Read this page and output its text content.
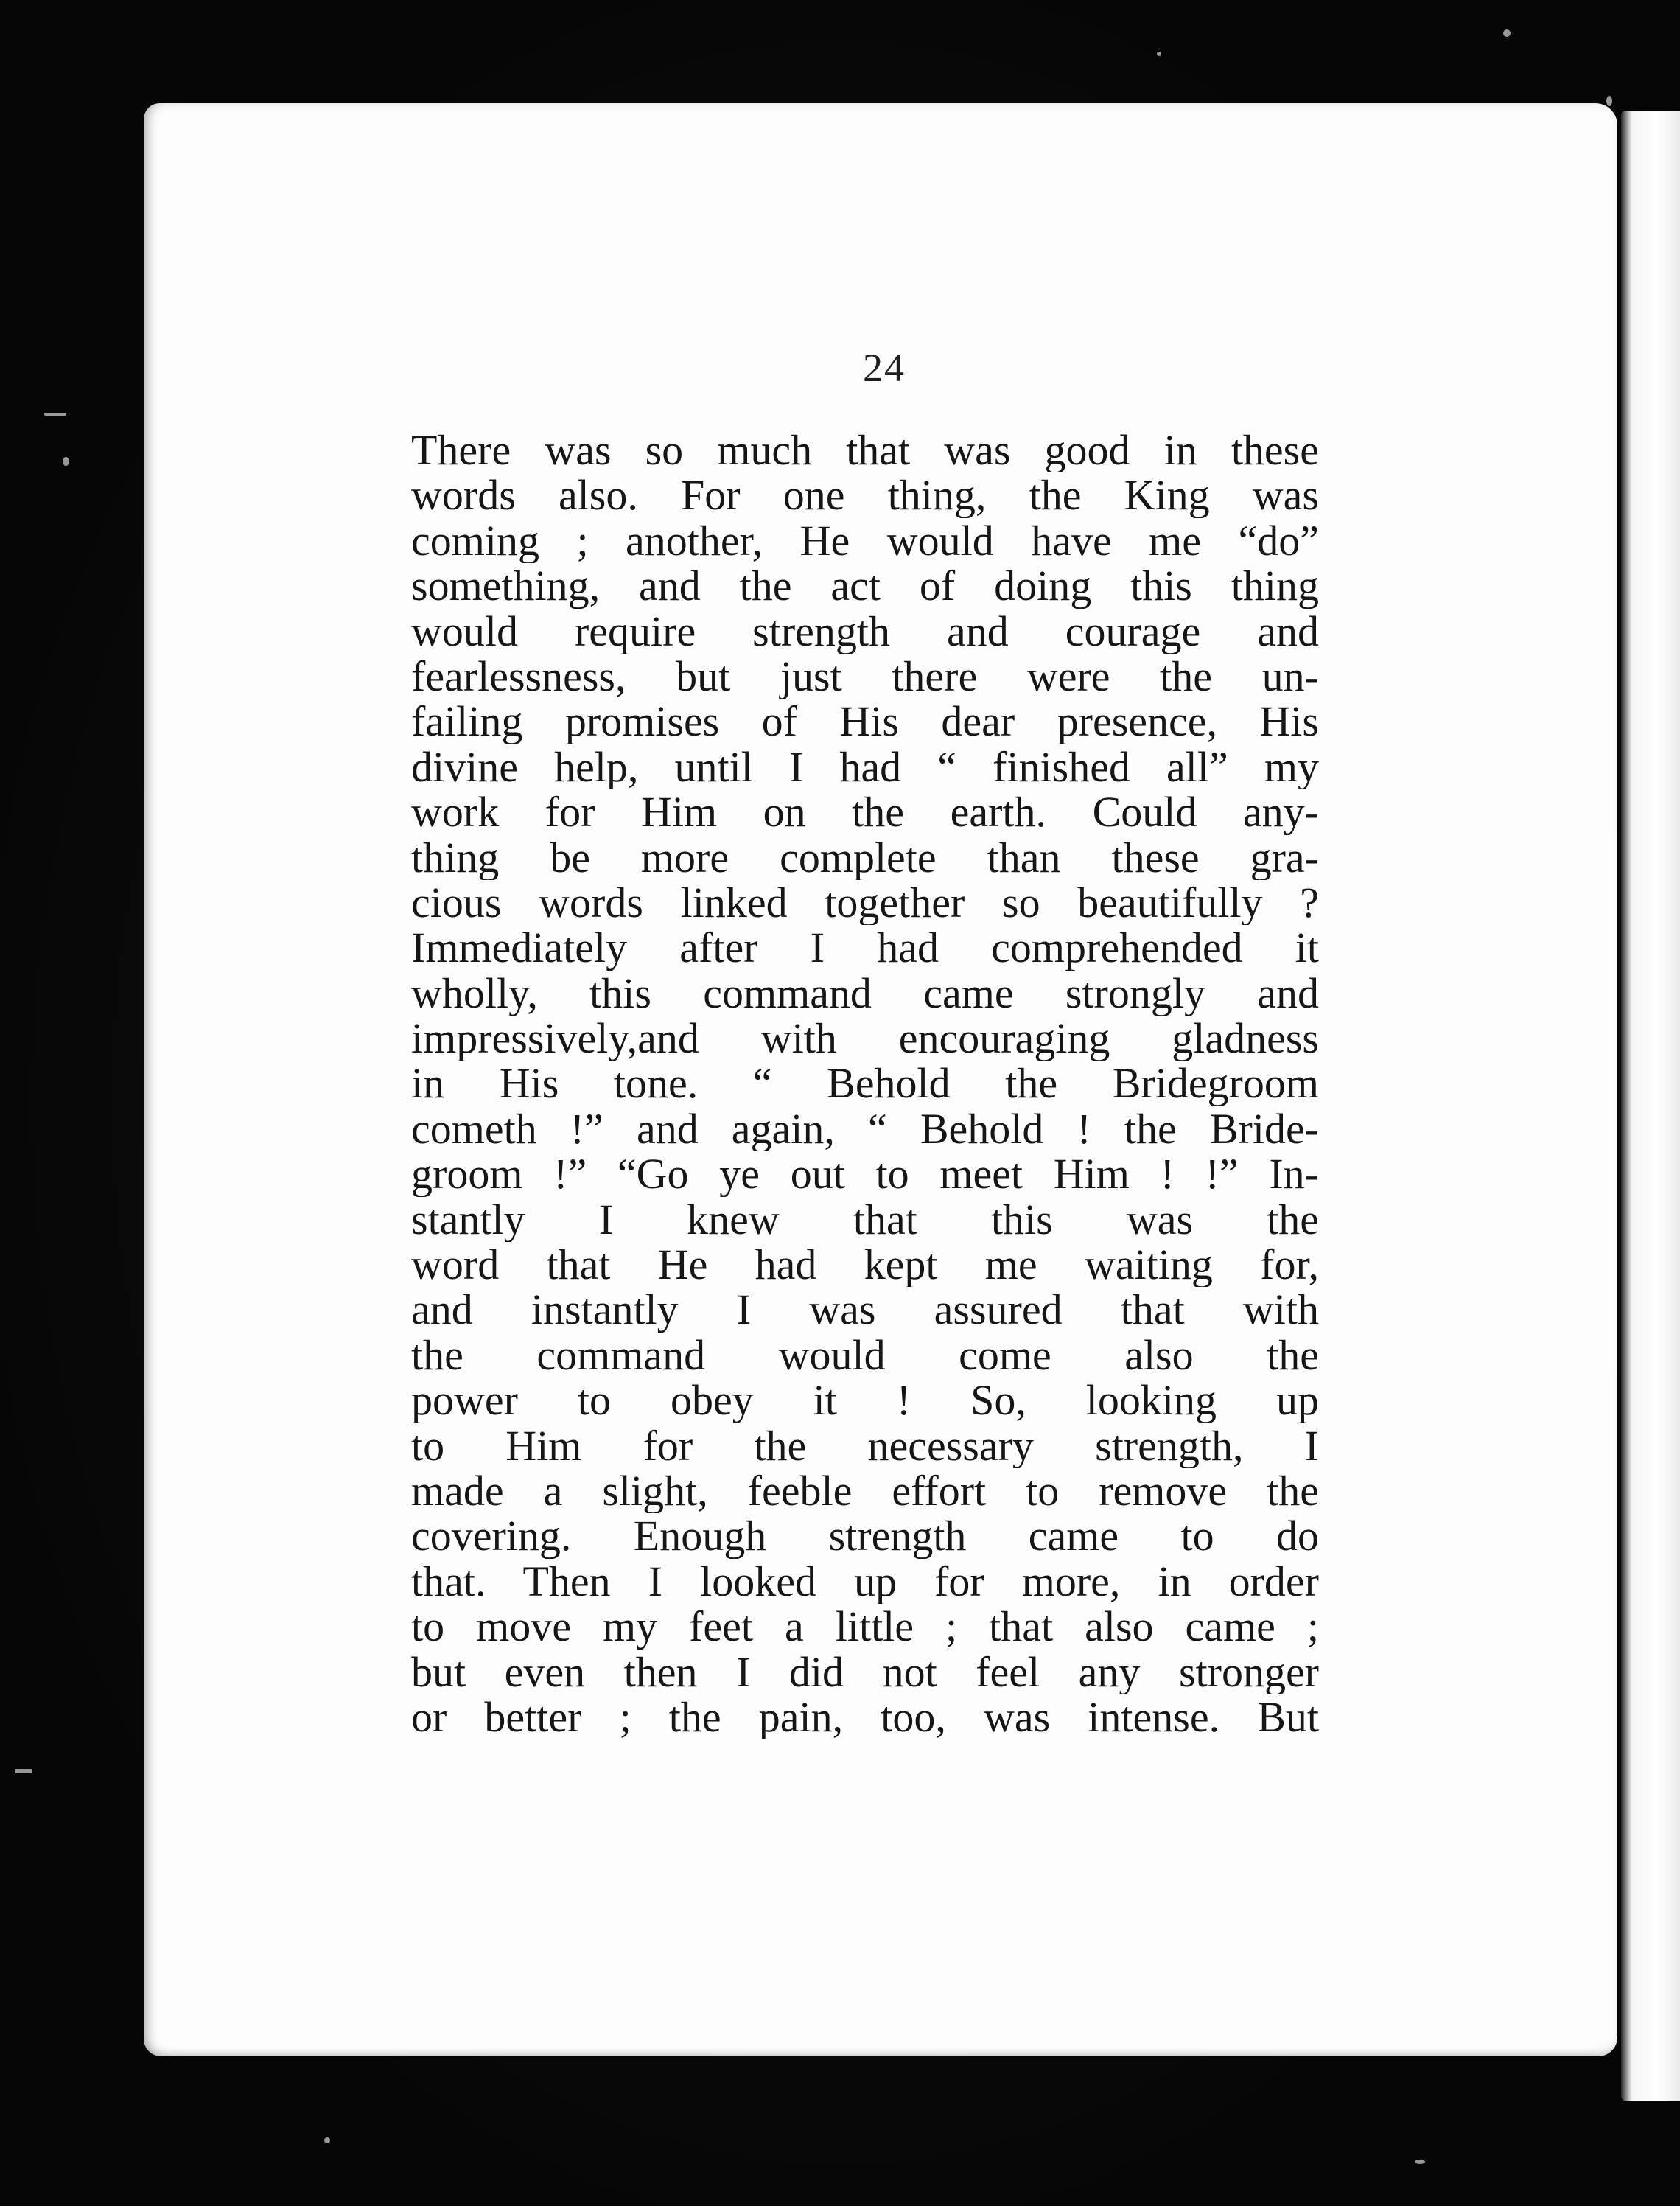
24
There was so much that was good in these
words also. For one thing, the King was
coming ; another, He would have me “do”
something, and the act of doing this thing
would require strength and courage and
fearlessness, but just there were the un-
failing promises of His dear presence, His
divine help, until I had “ finished all” my
work for Him on the earth. Could any-
thing be more complete than these gra-
cious words linked together so beautifully ?
Immediately after I had comprehended it
wholly, this command came strongly and
impressively,and with encouraging gladness
in His tone. “ Behold the Bridegroom
cometh !” and again, “ Behold ! the Bride-
groom !” “Go ye out to meet Him ! !” In-
stantly I knew that this was the
word that He had kept me waiting for,
and instantly I was assured that with
the command would come also the
power to obey it ! So, looking up
to Him for the necessary strength, I
made a slight, feeble effort to remove the
covering. Enough strength came to do
that. Then I looked up for more, in order
to move my feet a little ; that also came ;
but even then I did not feel any stronger
or better ; the pain, too, was intense. But
